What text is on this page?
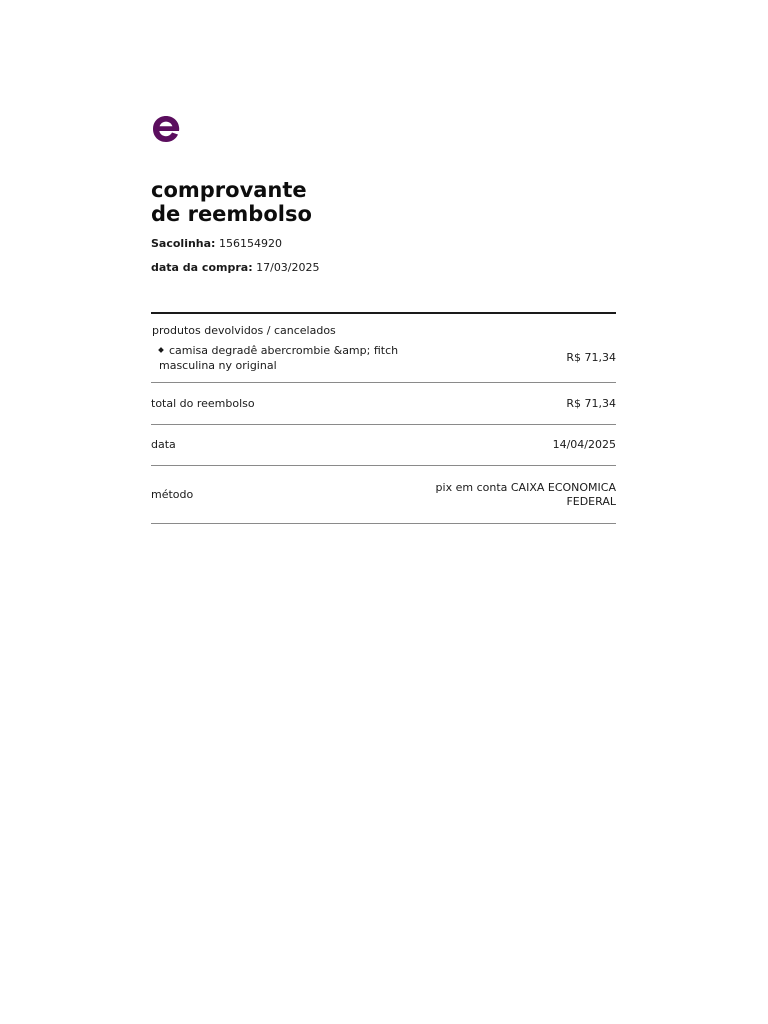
comprovante
de reembolso
Sacolinha: 156154920
data da compra: 17/03/2025
produtos devolvidos / cancelados
camisa degradê abercrombie &amp; fitch masculina ny original
R$ 71,34
total do reembolso	R$ 71,34
data	14/04/2025
método
pix em conta CAIXA ECONOMICA FEDERAL
